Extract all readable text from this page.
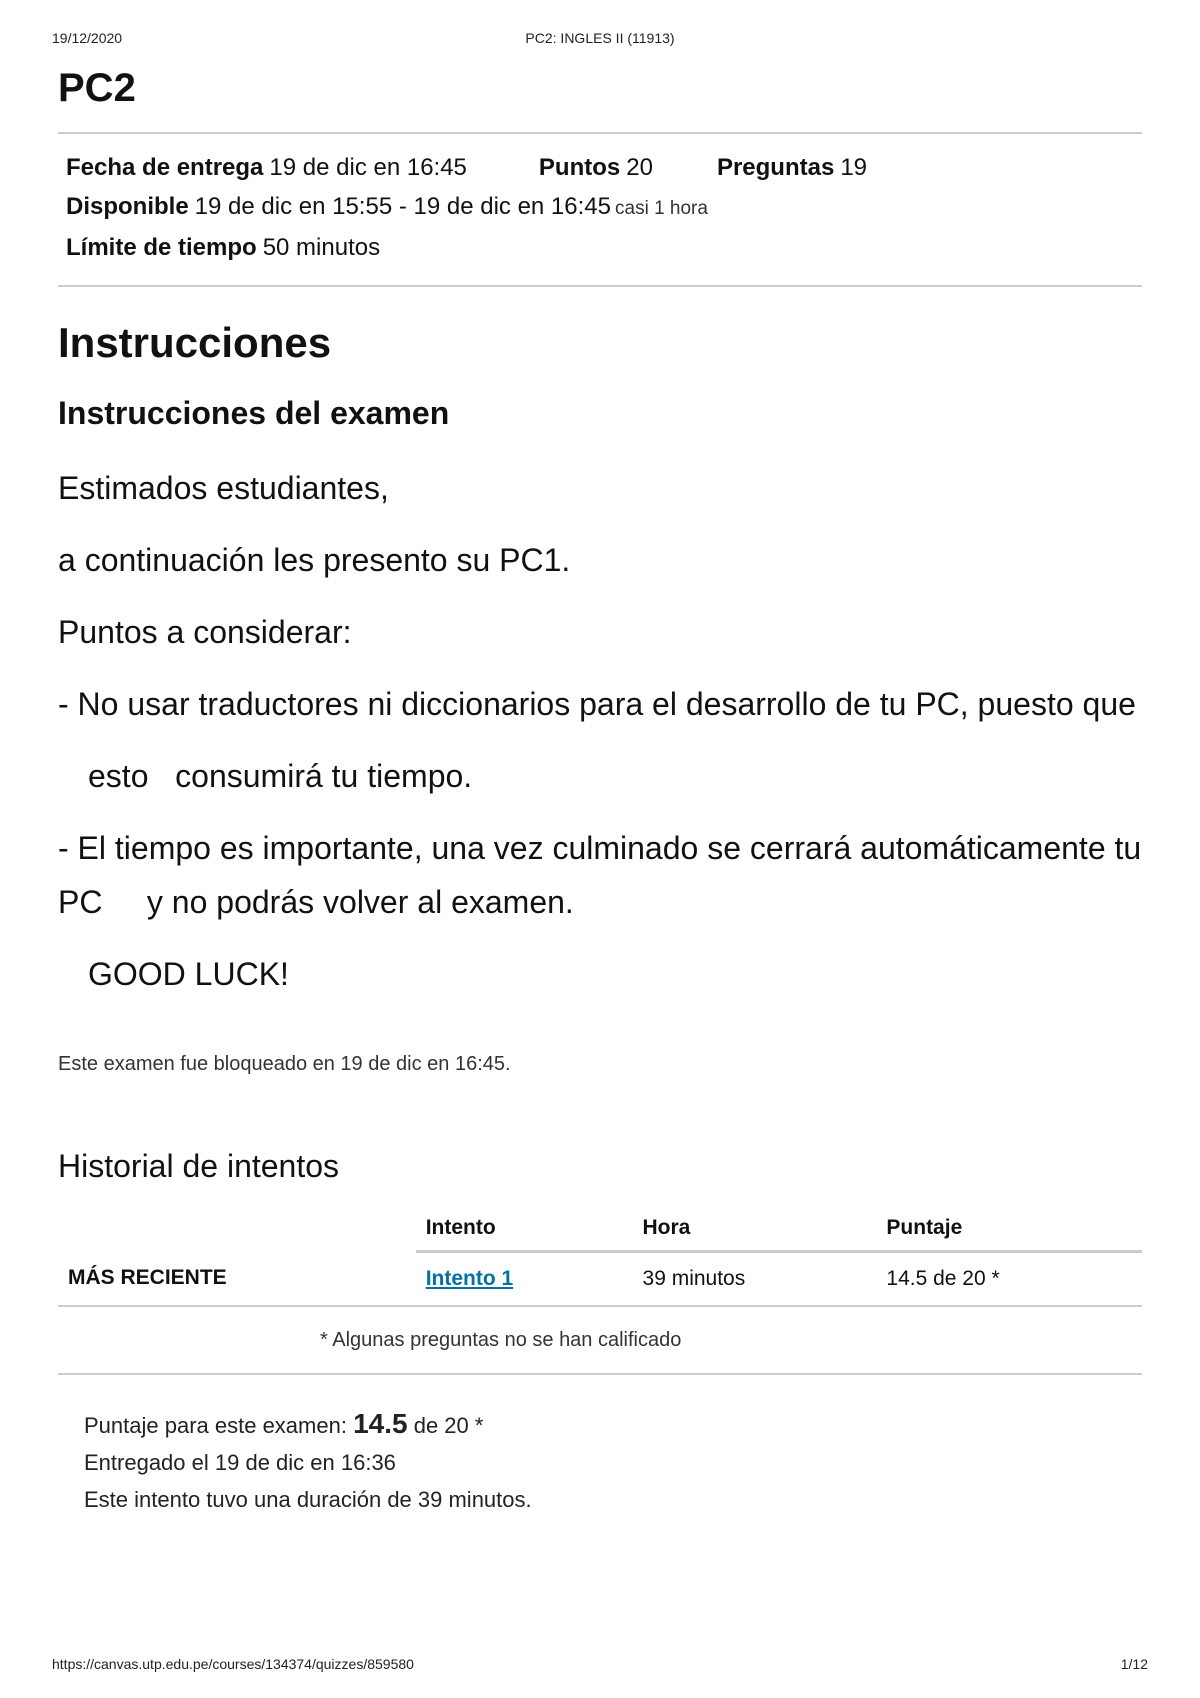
19/12/2020	PC2: INGLES II (11913)
PC2
Fecha de entrega 19 de dic en 16:45	Puntos 20	Preguntas 19
Disponible 19 de dic en 15:55 - 19 de dic en 16:45 casi 1 hora
Límite de tiempo 50 minutos
Instrucciones
Instrucciones del examen

Estimados estudiantes,

a continuación les presento su PC1.

Puntos a considerar:

- No usar traductores ni diccionarios para el desarrollo de tu PC, puesto que

esto   consumirá tu tiempo.

- El tiempo es importante, una vez culminado se cerrará automáticamente tu PC     y no podrás volver al examen.

GOOD LUCK!

Este examen fue bloqueado en 19 de dic en 16:45.
Historial de intentos
	Intento	Hora	Puntaje
MÁS RECIENTE	Intento 1	39 minutos	14.5 de 20 *
* Algunas preguntas no se han calificado
Puntaje para este examen: 14.5 de 20 *
Entregado el 19 de dic en 16:36
Este intento tuvo una duración de 39 minutos.
https://canvas.utp.edu.pe/courses/134374/quizzes/859580	1/12
